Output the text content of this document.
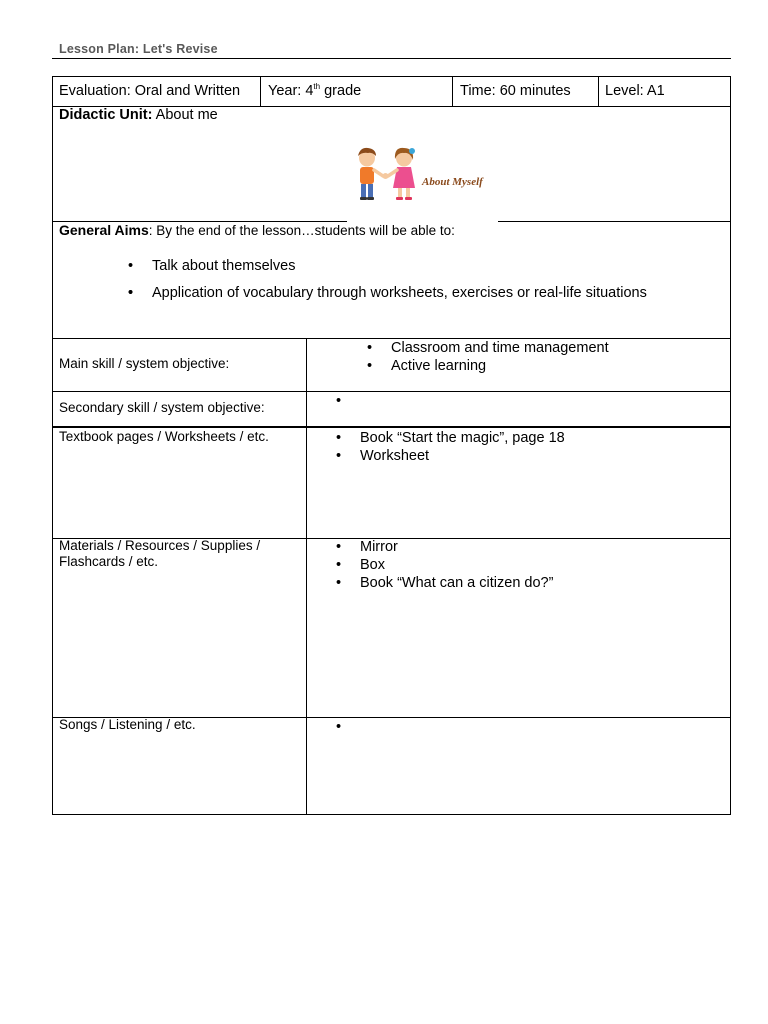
Lesson Plan: Let's Revise
Evaluation: Oral and Written Year: 4th grade	Time: 60 minutes Level: A1
Didactic Unit: About me
About Myself
General Aims: By the end of the lesson…students will be able to:
• Talk about themselves
• Application of vocabulary through worksheets, exercises or real-life situations
Main skill / system objective:
• Classroom and time management
• Active learning
Secondary skill / system objective:
Textbook pages / Worksheets / etc.
•	Book “Start the magic”, page 18
• Worksheet
Materials / Resources / Supplies /
Flashcards / etc.
• Mirror
• Box
• Book “What can a citizen do?”
Songs / Listening / etc.
